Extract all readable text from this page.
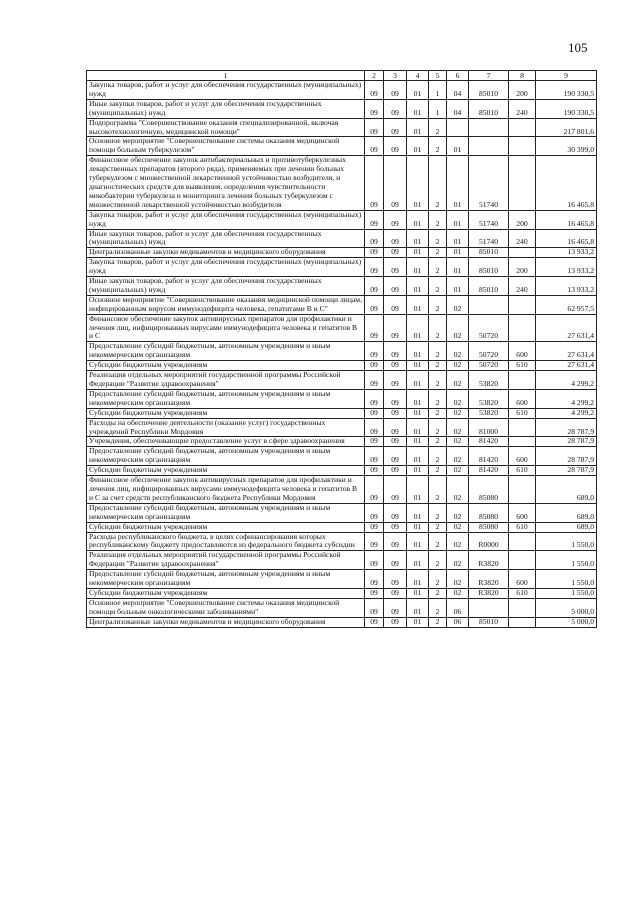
105
1	2	3	4	5	6	7	8	9
Закупка товаров, работ и услуг для обеспечения государственных (муниципальных) нужд	09	09	01	1	04	85010	200	190 330,5
Иные закупки товаров, работ и услуг для обеспечения государственных (муниципальных) нужд	09	09	01	1	04	85010	240	190 330,5
Подпрограмма "Совершенствование оказания специализированной, включая высокотехнологичную, медицинской помощи"	09	09	01	2				217 801,6
Основное мероприятие "Совершенствование системы оказания медицинской помощи больным туберкулезом"	09	09	01	2	01			30 399,0
Финансовое обеспечение закупок антибактериальных и противотуберкулезных лекарственных препаратов (второго ряда), применяемых при лечении больных туберкулезом с множественной лекарственной устойчивостью возбудителя, и диагностических средств для выявления, определения чувствительности микобактерии туберкулеза и мониторинга лечения больных туберкулезом с множественной лекарственной устойчивостью возбудителя	09	09	01	2	01	51740		16 465,8
Закупка товаров, работ и услуг для обеспечения государственных (муниципальных) нужд	09	09	01	2	01	51740	200	16 465,8
Иные закупки товаров, работ и услуг для обеспечения государственных (муниципальных) нужд	09	09	01	2	01	51740	240	16 465,8
Централизованные закупки медикаментов и медицинского оборудования	09	09	01	2	01	85010		13 933,2
Закупка товаров, работ и услуг для обеспечения государственных (муниципальных) нужд	09	09	01	2	01	85010	200	13 933,2
Иные закупки товаров, работ и услуг для обеспечения государственных (муниципальных) нужд	09	09	01	2	01	85010	240	13 933,2
Основное мероприятие "Совершенствование оказания медицинской помощи лицам, инфицированным вирусом иммунодефицита человека, гепатитами В и С"	09	09	01	2	02			62 957,5
Финансовое обеспечение закупок антивирусных препаратов для профилактики и лечения лиц, инфицированных вирусами иммунодефицита человека и гепатитов В и С	09	09	01	2	02	50720		27 631,4
Предоставление субсидий бюджетным, автономным учреждениям и иным некоммерческим организациям	09	09	01	2	02	50720	600	27 631,4
Субсидии бюджетным учреждениям	09	09	01	2	02	50720	610	27 631,4
Реализация отдельных мероприятий государственной программы Российской Федерации "Развитие здравоохранения"	09	09	01	2	02	53820		4 299,2
Предоставление субсидий бюджетным, автономным учреждениям и иным некоммерческим организациям	09	09	01	2	02	53820	600	4 299,2
Субсидии бюджетным учреждениям	09	09	01	2	02	53820	610	4 299,2
Расходы на обеспечение деятельности (оказание услуг) государственных учреждений Республики Мордовия	09	09	01	2	02	81000		28 787,9
Учреждения, обеспечивающие предоставление услуг в сфере здравоохранения	09	09	01	2	02	81420		28 787,9
Предоставление субсидий бюджетным, автономным учреждениям и иным некоммерческим организациям	09	09	01	2	02	81420	600	28 787,9
Субсидии бюджетным учреждениям	09	09	01	2	02	81420	610	28 787,9
Финансовое обеспечение закупок антивирусных препаратов для профилактики и лечения лиц, инфицированных вирусами иммунодефицита человека и гепатитов В и С за счет средств республиканского бюджета Республики Мордовия	09	09	01	2	02	85080		689,0
Предоставление субсидий бюджетным, автономным учреждениям и иным некоммерческим организациям	09	09	01	2	02	85080	600	689,0
Субсидии бюджетным учреждениям	09	09	01	2	02	85080	610	689,0
Расходы республиканского бюджета, в целях софинансирования которых республиканскому бюджету предоставляются из федерального бюджета субсидии	09	09	01	2	02	R0000		1 550,0
Реализация отдельных мероприятий государственной программы Российской Федерации "Развитие здравоохранения"	09	09	01	2	02	R3820		1 550,0
Предоставление субсидий бюджетным, автономным учреждениям и иным некоммерческим организациям	09	09	01	2	02	R3820	600	1 550,0
Субсидии бюджетным учреждениям	09	09	01	2	02	R3820	610	1 550,0
Основное мероприятие "Совершенствование системы оказания медицинской помощи больным онкологическими заболеваниями"	09	09	01	2	06			5 000,0
Централизованные закупки медикаментов и медицинского оборудования	09	09	01	2	06	85010		5 000,0
